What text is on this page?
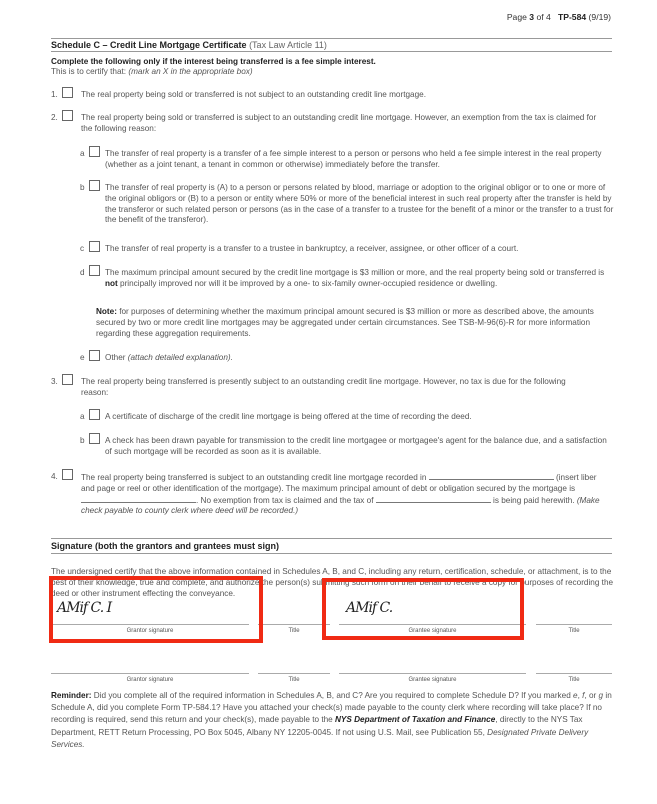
Page 3 of 4 TP-584 (9/19)
Schedule C – Credit Line Mortgage Certificate (Tax Law Article 11)
Complete the following only if the interest being transferred is a fee simple interest.
This is to certify that: (mark an X in the appropriate box)
1.	The real property being sold or transferred is not subject to an outstanding credit line mortgage.
2.	The real property being sold or transferred is subject to an outstanding credit line mortgage. However, an exemption from the tax is claimed for the following reason:
a The transfer of real property is a transfer of a fee simple interest to a person or persons who held a fee simple interest in the real property (whether as a joint tenant, a tenant in common or otherwise) immediately before the transfer.
b The transfer of real property is (A) to a person or persons related by blood, marriage or adoption to the original obligor or to one or more of the original obligors or (B) to a person or entity where 50% or more of the beneficial interest in such real property after the transfer is held by the transferor or such related person or persons (as in the case of a transfer to a trustee for the benefit of a minor or the transfer to a trust for the benefit of the transferor).
c	The transfer of real property is a transfer to a trustee in bankruptcy, a receiver, assignee, or other officer of a court.
d The maximum principal amount secured by the credit line mortgage is $3 million or more, and the real property being sold or transferred is not principally improved nor will it be improved by a one- to six-family owner-occupied residence or dwelling.
Note: for purposes of determining whether the maximum principal amount secured is $3 million or more as described above, the amounts secured by two or more credit line mortgages may be aggregated under certain circumstances. See TSB-M-96(6)-R for more information regarding these aggregation requirements.
e Other (attach detailed explanation).
3.	The real property being transferred is presently subject to an outstanding credit line mortgage. However, no tax is due for the following reason:
a A certificate of discharge of the credit line mortgage is being offered at the time of recording the deed.
b A check has been drawn payable for transmission to the credit line mortgagee or mortgagee's agent for the balance due, and a satisfaction of such mortgage will be recorded as soon as it is available.
4.	The real property being transferred is subject to an outstanding credit line mortgage recorded in	(insert liber and page or reel or other identification of the mortgage). The maximum principal amount of debt or obligation secured by the mortgage is . No exemption from tax is claimed and the tax of	is being paid herewith. (Make check payable to county clerk where deed will be recorded.)
Signature (both the grantors and grantees must sign)
The undersigned certify that the above information contained in Schedules A, B, and C, including any return, certification, schedule, or attachment, is to the best of their knowledge, true and complete, and authorize the person(s) submitting such form on their behalf to receive a copy for purposes of recording the deed or other instrument effecting the conveyance.
AMif C. I	AMif C.
Grantor signature	Title	Grantee signature	Title
Grantor signature	Title	Grantee signature	Title
Reminder: Did you complete all of the required information in Schedules A, B, and C? Are you required to complete Schedule D? If you marked e, f, or g in Schedule A, did you complete Form TP-584.1? Have you attached your check(s) made payable to the county clerk where recording will take place? If no recording is required, send this return and your check(s), made payable to the NYS Department of Taxation and Finance, directly to the NYS Tax Department, RETT Return Processing, PO Box 5045, Albany NY 12205-0045. If not using U.S. Mail, see Publication 55, Designated Private Delivery Services.
